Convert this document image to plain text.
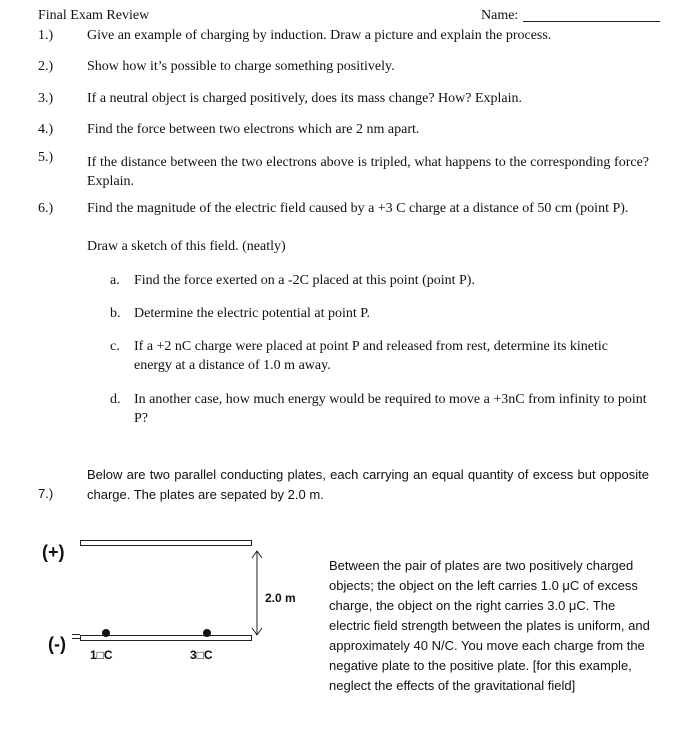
Final Exam Review	Name:
1.) Give an example of charging by induction. Draw a picture and explain the process.
2.) Show how it’s possible to charge something positively.
3.) If a neutral object is charged positively, does its mass change? How? Explain.
4.) Find the force between two electrons which are 2 nm apart.
5.) If the distance between the two electrons above is tripled, what happens to the corresponding force? Explain.
6.) Find the magnitude of the electric field caused by a +3 C charge at a distance of 50 cm (point P).
Draw a sketch of this field. (neatly)
a. Find the force exerted on a -2C placed at this point (point P).
b. Determine the electric potential at point P.
c. If a +2 nC charge were placed at point P and released from rest, determine its kinetic energy at a distance of 1.0 m away.
d. In another case, how much energy would be required to move a +3nC from infinity to point P?
7.)
Below are two parallel conducting plates, each carrying an equal quantity of excess but opposite charge. The plates are sepated by 2.0 m.
(+)
(-)
1□C	3□C
2.0 m
Between the pair of plates are two positively charged objects; the object on the left carries 1.0 μC of excess charge, the object on the right carries 3.0 μC. The electric field strength between the plates is uniform, and approximately 40 N/C. You move each charge from the negative plate to the positive plate. [for this example, neglect the effects of the gravitational field]
